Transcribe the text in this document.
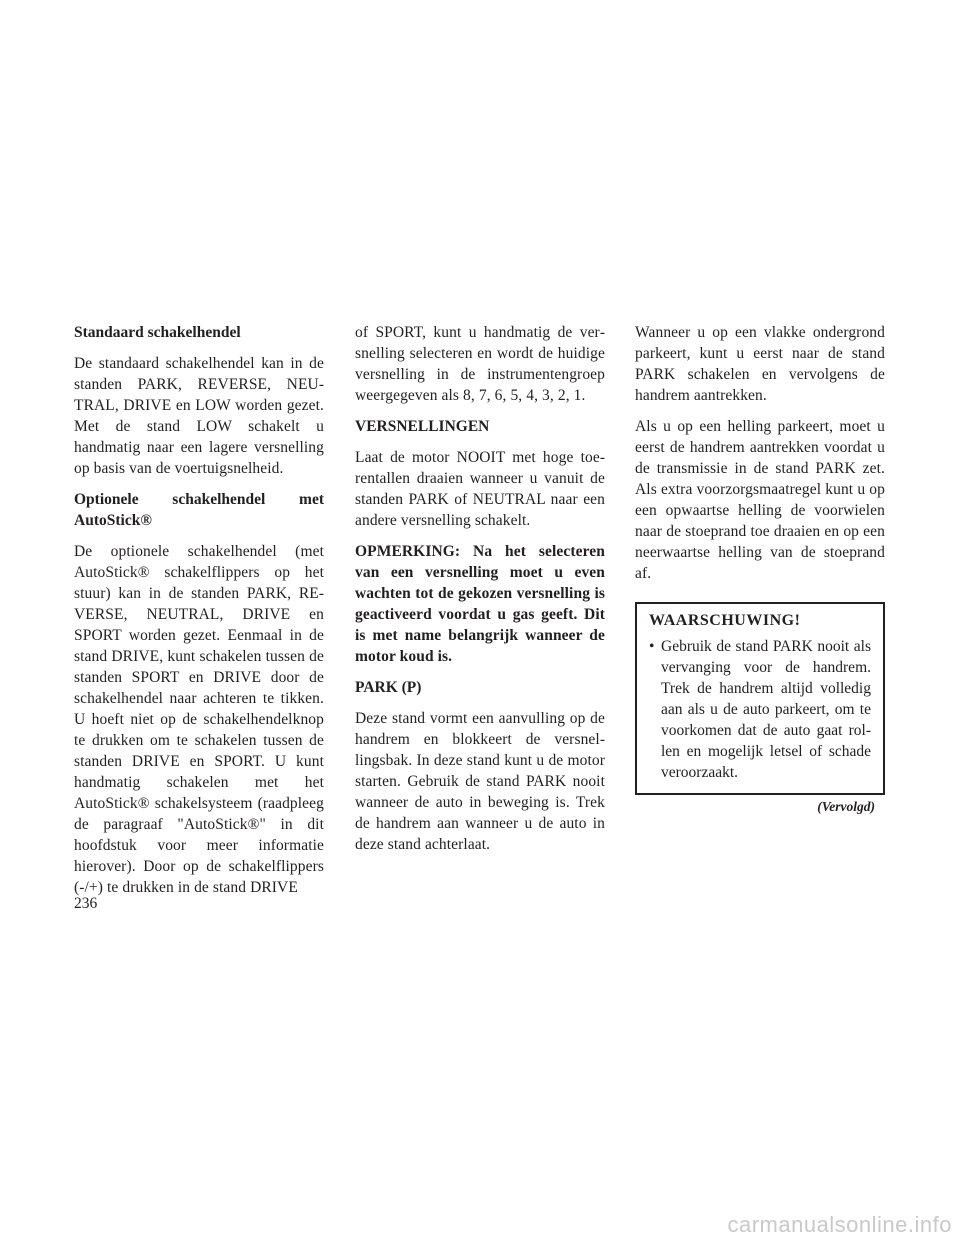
Standaard schakelhendel

De standaard schakelhendel kan in de standen PARK, REVERSE, NEUTRAL, DRIVE en LOW worden gezet. Met de stand LOW schakelt u handmatig naar een lagere versnelling op basis van de voertuigsnelheid.

Optionele schakelhendel met AutoStick®

De optionele schakelhendel (met AutoStick® schakelflippers op het stuur) kan in de standen PARK, REVERSE, NEUTRAL, DRIVE en SPORT worden gezet. Eenmaal in de stand DRIVE, kunt schakelen tussen de standen SPORT en DRIVE door de schakelhendel naar achteren te tikken. U hoeft niet op de schakelhendelknop te drukken om te schakelen tussen de standen DRIVE en SPORT. U kunt handmatig schakelen met het AutoStick® schakelsysteem (raadpleeg de paragraaf "AutoStick®" in dit hoofdstuk voor meer informatie hierover). Door op de schakelflippers (-/+) te drukken in de stand DRIVE

of SPORT, kunt u handmatig de versnelling selecteren en wordt de huidige versnelling in de instrumentengroep weergegeven als 8, 7, 6, 5, 4, 3, 2, 1.

VERSNELLINGEN

Laat de motor NOOIT met hoge toerentallen draaien wanneer u vanuit de standen PARK of NEUTRAL naar een andere versnelling schakelt.

OPMERKING: Na het selecteren van een versnelling moet u even wachten tot de gekozen versnelling is geactiveerd voordat u gas geeft. Dit is met name belangrijk wanneer de motor koud is.

PARK (P)

Deze stand vormt een aanvulling op de handrem en blokkeert de versnellingsbak. In deze stand kunt u de motor starten. Gebruik de stand PARK nooit wanneer de auto in beweging is. Trek de handrem aan wanneer u de auto in deze stand achterlaat.

Wanneer u op een vlakke ondergrond parkeert, kunt u eerst naar de stand PARK schakelen en vervolgens de handrem aantrekken.

Als u op een helling parkeert, moet u eerst de handrem aantrekken voordat u de transmissie in de stand PARK zet. Als extra voorzorgsmaatregel kunt u op een opwaartse helling de voorwielen naar de stoeprand toe draaien en op een neerwaartse helling van de stoeprand af.

WAARSCHUWING!

• Gebruik de stand PARK nooit als vervanging voor de handrem. Trek de handrem altijd volledig aan als u de auto parkeert, om te voorkomen dat de auto gaat rollen en mogelijk letsel of schade veroorzaakt.
(Vervolgd)
236
carmanualsonline.info
